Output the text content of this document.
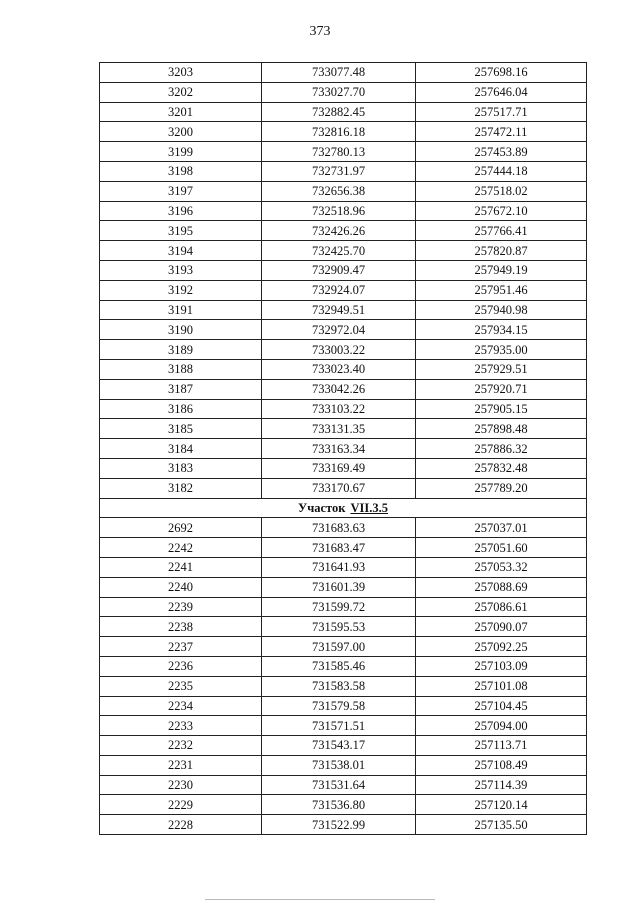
373
3203	733077.48	257698.16
3202	733027.70	257646.04
3201	732882.45	257517.71
3200	732816.18	257472.11
3199	732780.13	257453.89
3198	732731.97	257444.18
3197	732656.38	257518.02
3196	732518.96	257672.10
3195	732426.26	257766.41
3194	732425.70	257820.87
3193	732909.47	257949.19
3192	732924.07	257951.46
3191	732949.51	257940.98
3190	732972.04	257934.15
3189	733003.22	257935.00
3188	733023.40	257929.51
3187	733042.26	257920.71
3186	733103.22	257905.15
3185	733131.35	257898.48
3184	733163.34	257886.32
3183	733169.49	257832.48
3182	733170.67	257789.20
Участок VII.3.5		
2692	731683.63	257037.01
2242	731683.47	257051.60
2241	731641.93	257053.32
2240	731601.39	257088.69
2239	731599.72	257086.61
2238	731595.53	257090.07
2237	731597.00	257092.25
2236	731585.46	257103.09
2235	731583.58	257101.08
2234	731579.58	257104.45
2233	731571.51	257094.00
2232	731543.17	257113.71
2231	731538.01	257108.49
2230	731531.64	257114.39
2229	731536.80	257120.14
2228	731522.99	257135.50
